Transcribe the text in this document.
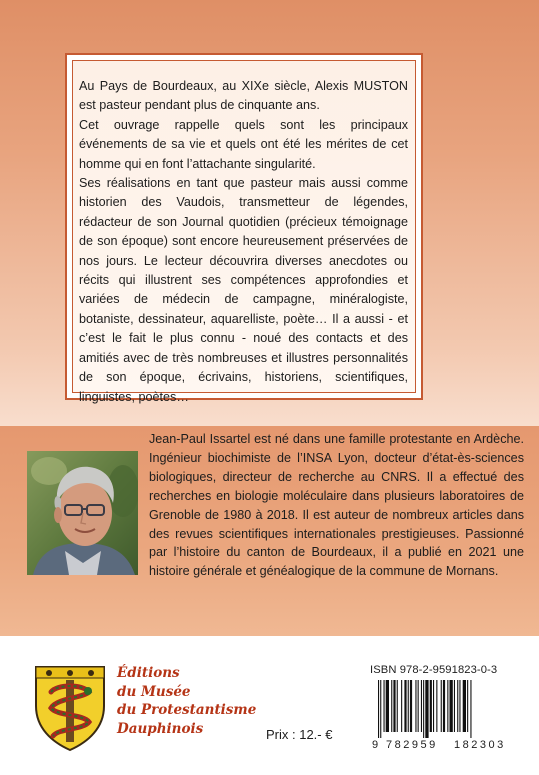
Au Pays de Bourdeaux, au XIXe siècle, Alexis MUSTON est pasteur pendant plus de cinquante ans.

Cet ouvrage rappelle quels sont les principaux événements de sa vie et quels ont été les mérites de cet homme qui en font l’attachante singularité.

Ses réalisations en tant que pasteur mais aussi comme historien des Vaudois, transmetteur de légendes, rédacteur de son Journal quotidien (précieux témoignage de son époque) sont encore heureusement préservées de nos jours. Le lecteur découvrira diverses anecdotes ou récits qui illustrent ses compétences approfondies et variées de médecin de campagne, minéralogiste, botaniste, dessinateur, aquarelliste, poète… Il a aussi - et c’est le fait le plus connu - noué des contacts et des amitiés avec de très nombreuses et illustres personnalités de son époque, écrivains, historiens, scientifiques, linguistes, poètes…

Jean-Paul Issartel est né dans une famille protestante en Ardèche. Ingénieur biochimiste de l’INSA Lyon, docteur d’état-ès-sciences biologiques, directeur de recherche au CNRS. Il a effectué des recherches en biologie moléculaire dans plusieurs laboratoires de Grenoble de 1980 à 2018. Il est auteur de nombreux articles dans des revues scientifiques internationales prestigieuses. Passionné par l’histoire du canton de Bourdeaux, il a publié en 2021 une histoire générale et généalogique de la commune de Mornans.

Éditions
du Musée
du Protestantisme
Dauphinois
ISBN 978-2-9591823-0-3
9 782959 182303
Prix : 12.- €
